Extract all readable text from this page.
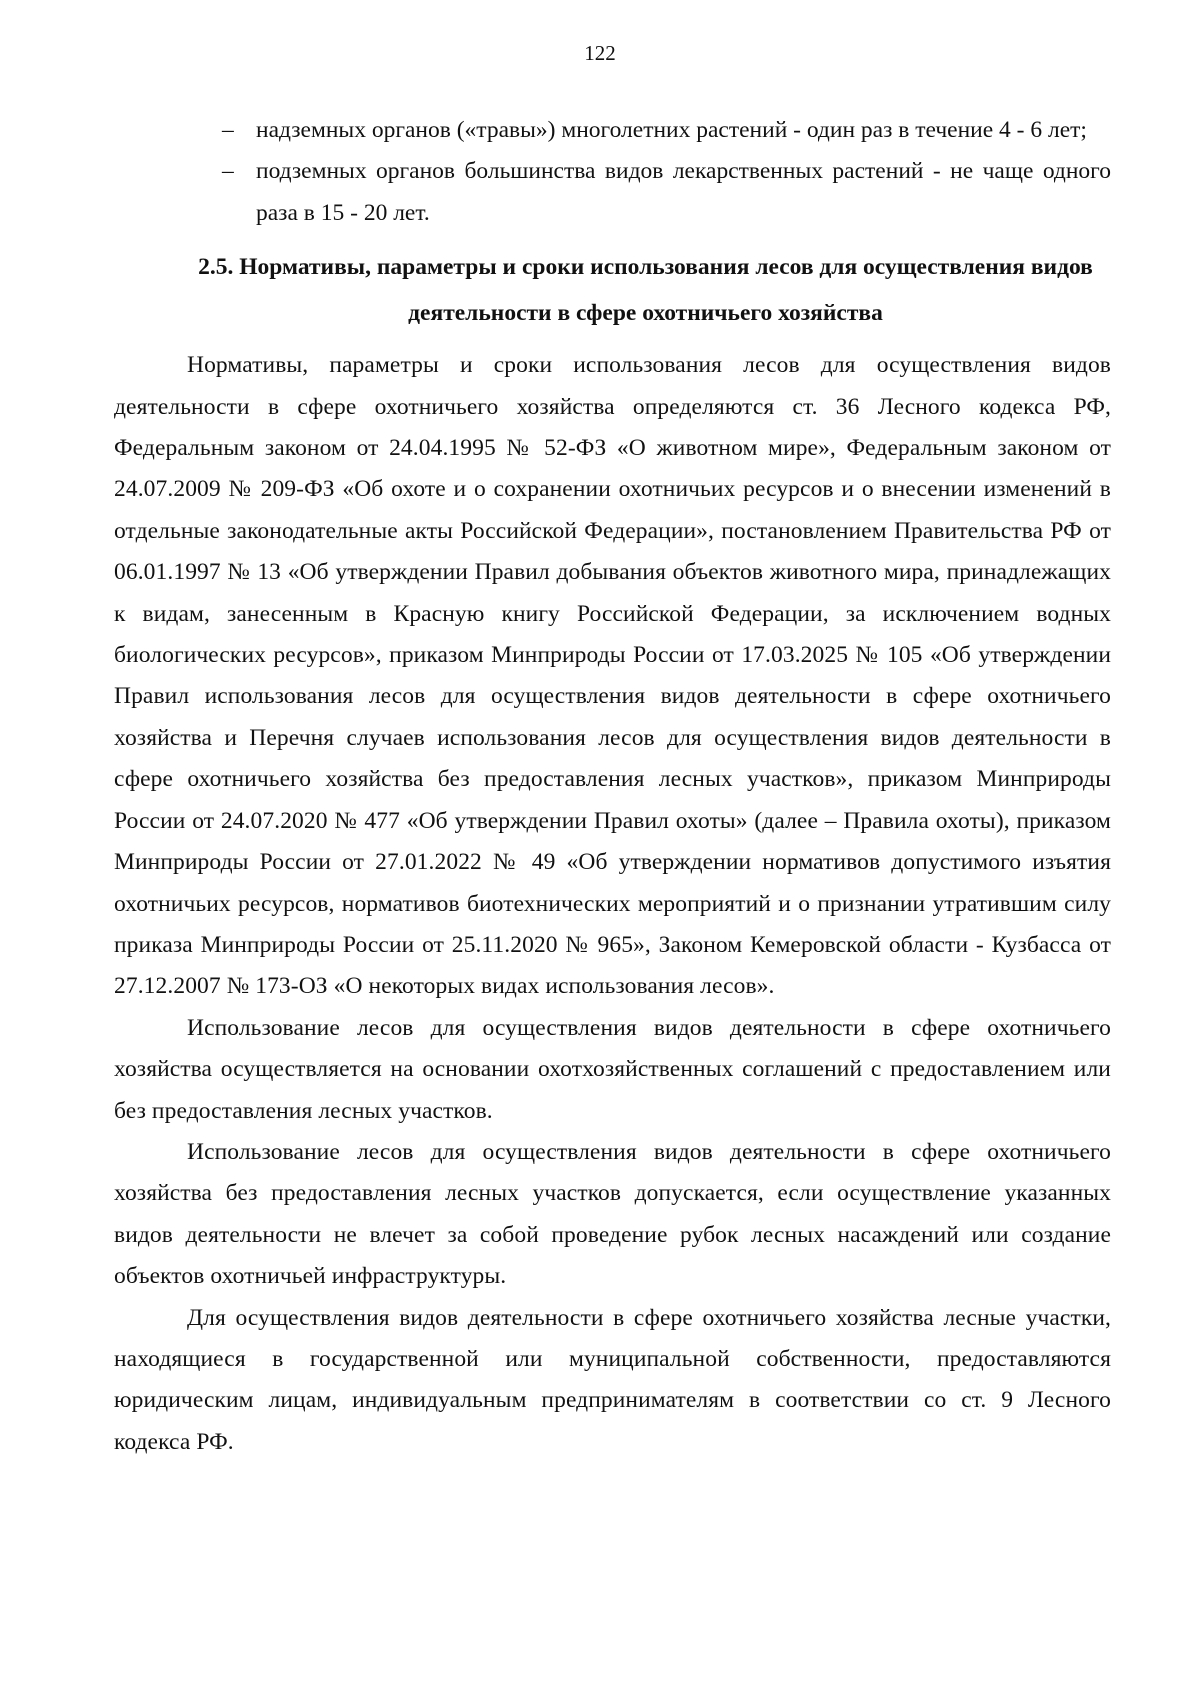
122
– надземных органов («травы») многолетних растений - один раз в течение 4 - 6 лет;
– подземных органов большинства видов лекарственных растений - не чаще одного раза в 15 - 20 лет.
2.5. Нормативы, параметры и сроки использования лесов для осуществления видов деятельности в сфере охотничьего хозяйства

Нормативы, параметры и сроки использования лесов для осуществления видов деятельности в сфере охотничьего хозяйства определяются ст. 36 Лесного кодекса РФ, Федеральным законом от 24.04.1995 № 52-ФЗ «О животном мире», Федеральным законом от 24.07.2009 № 209-ФЗ «Об охоте и о сохранении охотничьих ресурсов и о внесении изменений в отдельные законодательные акты Российской Федерации», постановлением Правительства РФ от 06.01.1997 № 13 «Об утверждении Правил добывания объектов животного мира, принадлежащих к видам, занесенным в Красную книгу Российской Федерации, за исключением водных биологических ресурсов», приказом Минприроды России от 17.03.2025 № 105 «Об утверждении Правил использования лесов для осуществления видов деятельности в сфере охотничьего хозяйства и Перечня случаев использования лесов для осуществления видов деятельности в сфере охотничьего хозяйства без предоставления лесных участков», приказом Минприроды России от 24.07.2020 № 477 «Об утверждении Правил охоты» (далее – Правила охоты), приказом Минприроды России от 27.01.2022 № 49 «Об утверждении нормативов допустимого изъятия охотничьих ресурсов, нормативов биотехнических мероприятий и о признании утратившим силу приказа Минприроды России от 25.11.2020 № 965», Законом Кемеровской области - Кузбасса от 27.12.2007 № 173-ОЗ «О некоторых видах использования лесов».

Использование лесов для осуществления видов деятельности в сфере охотничьего хозяйства осуществляется на основании охотхозяйственных соглашений с предоставлением или без предоставления лесных участков.

Использование лесов для осуществления видов деятельности в сфере охотничьего хозяйства без предоставления лесных участков допускается, если осуществление указанных видов деятельности не влечет за собой проведение рубок лесных насаждений или создание объектов охотничьей инфраструктуры.

Для осуществления видов деятельности в сфере охотничьего хозяйства лесные участки, находящиеся в государственной или муниципальной собственности, предоставляются юридическим лицам, индивидуальным предпринимателям в соответствии со ст. 9 Лесного кодекса РФ.
